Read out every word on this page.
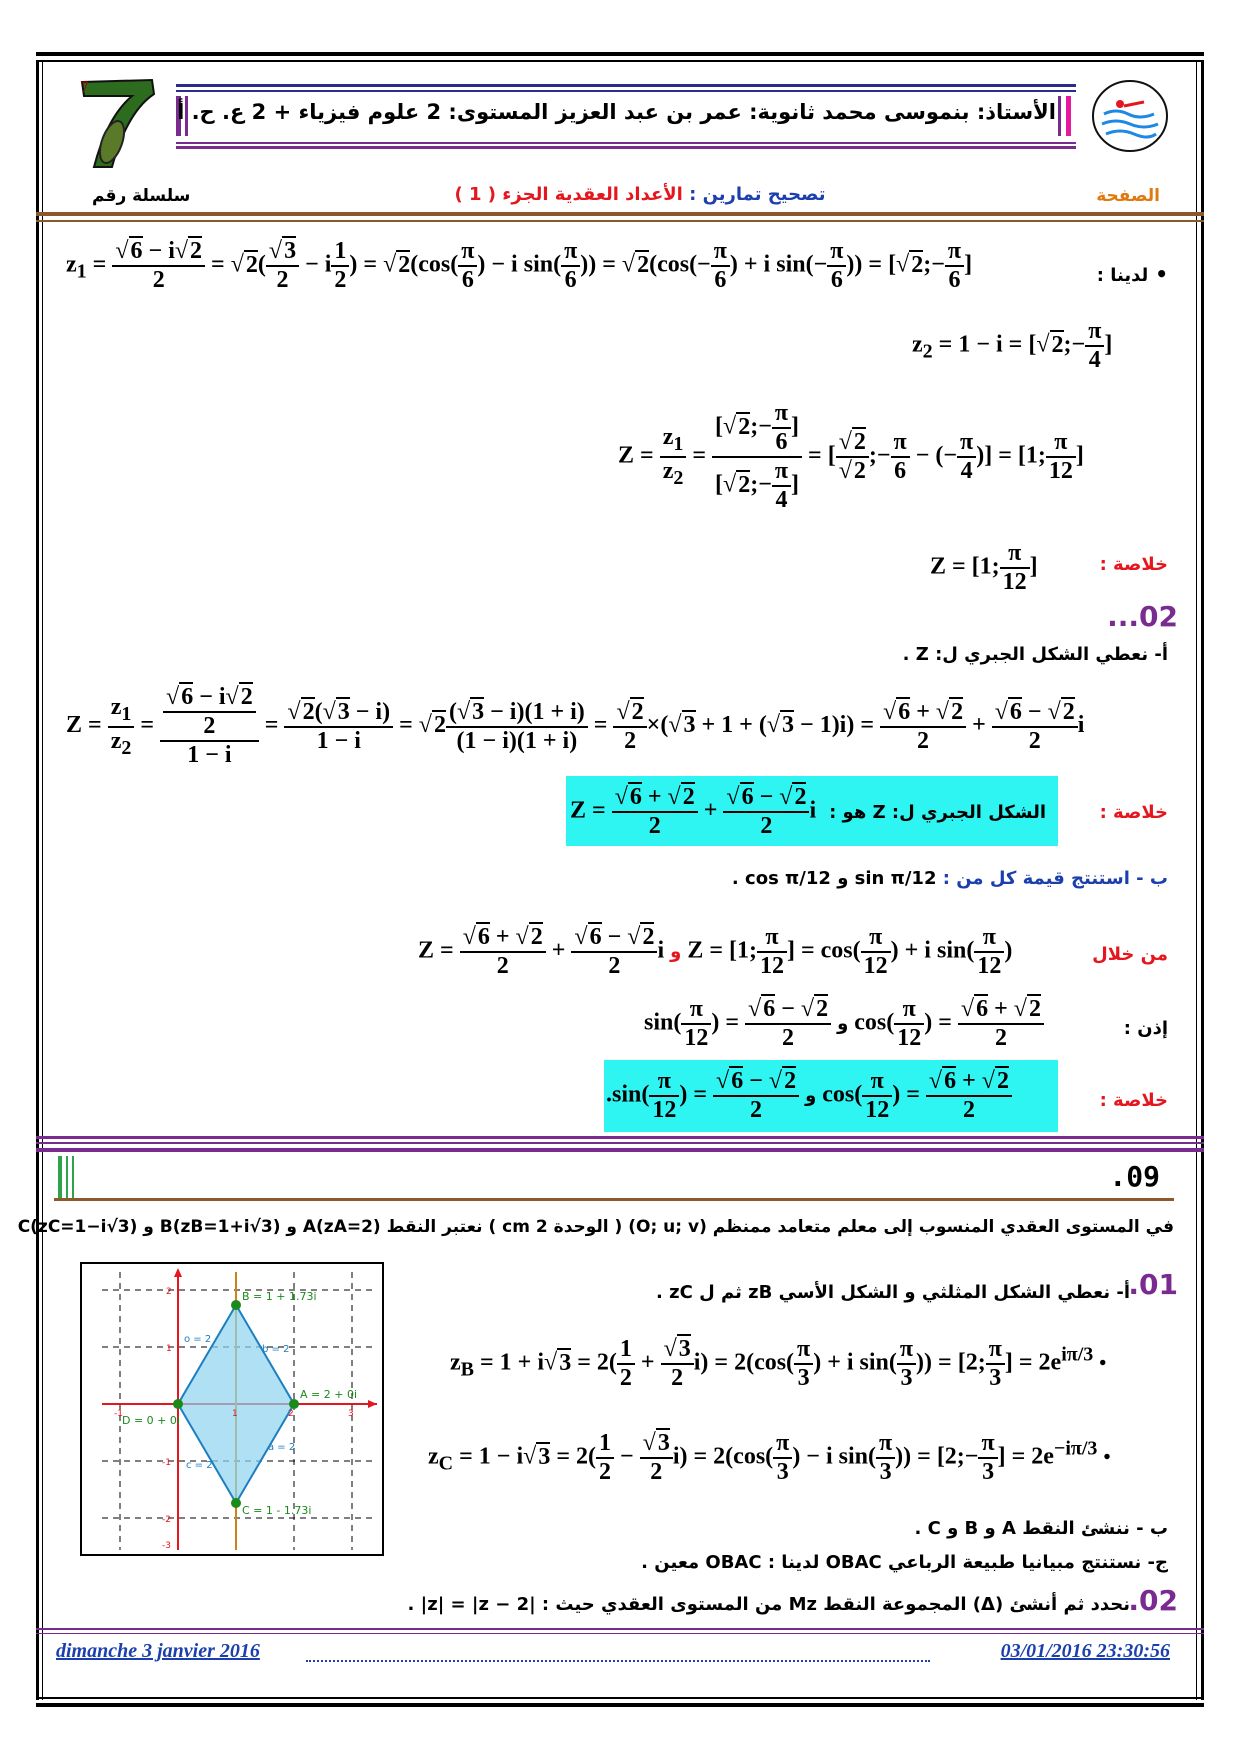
7
الأستاذ: بنموسى محمد ثانوية: عمر بن عبد العزيز المستوى: 2 علوم فيزياء + 2 ع. ح. أ
الصفحة
تصحيح تمارين : الأعداد العقدية الجزء ( 1 )
سلسلة رقم
$z_1 = \frac{√6 - i√2}{2} = √2( \frac{√3}{2} - i \frac{1}{2}$ ) = $√2(\cos( \frac{\pi}{6}$ ) − i $\sin( \frac{\pi}{6}$ )) = $√2(\cos(- \frac{\pi}{6}$ ) + i $\sin(- \frac{\pi}{6}$ )) = [√2;− $\frac{\pi}{6}$ ]	• لدينا :
$z_2 = 1 - i$ = [√2;− $\frac{\pi}{4}$ ]
$Z = \frac{z_1}{z_2} = \frac{[√2;- \frac{\pi}{6} ]}{[√2;- \frac{\pi}{4} ]}$ = [ $\frac{√2}{√2}$ ;− $\frac{\pi}{6}$ − (− $\frac{\pi}{4}$ )] = [1; $\frac{\pi}{12}$ ]
Z = [1; $\frac{\pi}{12}$ ]	خلاصة :
...02
أ- نعطي الشكل الجبري ل: Z .
$Z = \frac{z_1}{z_2} = \frac{\frac{√6 - i√2}{2}}{1 - i} = \frac{√2(√3 - i)}{1 - i} = √2 \frac{(√3 - i)(1 + i)}{(1 - i)(1 + i)} = \frac{√2}{2} \times(√3 + 1 + (√3 - 1)i) = \frac{√6 + √2}{2} + \frac{√6 - √2}{2}$ i
$Z = \frac{√6 + √2}{2} + \frac{√6 - √2}{2}$ i الشكل الجبري ل: Z هو :	خلاصة :
ب - استنتج قيمة كل من : sin π/12 و cos π/12 .
$Z = \frac{√6 + √2}{2} + \frac{√6 - √2}{2}$ i و Z = [1; $\frac{\pi}{12}$ ] = $\cos( \frac{\pi}{12}$ ) + i $\sin( \frac{\pi}{12}$ )	من خلال
$\sin( \frac{\pi}{12}$ ) = $\frac{√6 - √2}{2}$ و $\cos( \frac{\pi}{12}$ ) = $\frac{√6 + √2}{2}$	إذن :
$.\sin( \frac{\pi}{12}$ ) = $\frac{√6 - √2}{2}$ و $\cos( \frac{\pi}{12}$ ) = $\frac{√6 + √2}{2}$	خلاصة :
.09
في المستوى العقدي المنسوب إلى معلم متعامد ممنظم (O; u; v) ( الوحدة 2 cm ) نعتبر النقط A(zA=2) و B(zB=1+i√3) و C(zC=1−i√3)
B = 1 + 1.73i
A = 2 + 0i
D = 0 + 0i
C = 1 - 1.73i
o = 2
b = 2
a = 2
c = 2
2
1
-1
-2
-3
-1	1	2	3
.01
أ- نعطي الشكل المثلثي و الشكل الأسي zB ثم ل zC .
$z_B = 1 + i√3 = 2( \frac{1}{2} + \frac{√3}{2} i) = 2(\cos( \frac{\pi}{3}$ ) + i $\sin( \frac{\pi}{3}$ )) = [2; $\frac{\pi}{3}$ ] = $2e^{i\pi/3}$ •
$z_C = 1 - i√3 = 2( \frac{1}{2} - \frac{√3}{2} i) = 2(\cos( \frac{\pi}{3}$ ) − i $\sin( \frac{\pi}{3}$ )) = [2;− $\frac{\pi}{3}$ ] = $2e^{-i\pi/3}$ •
ب - ننشئ النقط A و B و C .
ج- نستنتج مبيانيا طبيعة الرباعي OBAC لدينا : OBAC معين .
.02
نحدد ثم أنشئ (Δ) المجموعة النقط Mz من المستوى العقدي حيث : |z| = |z − 2| .
dimanche 3 janvier 2016	03/01/2016 23:30:56
